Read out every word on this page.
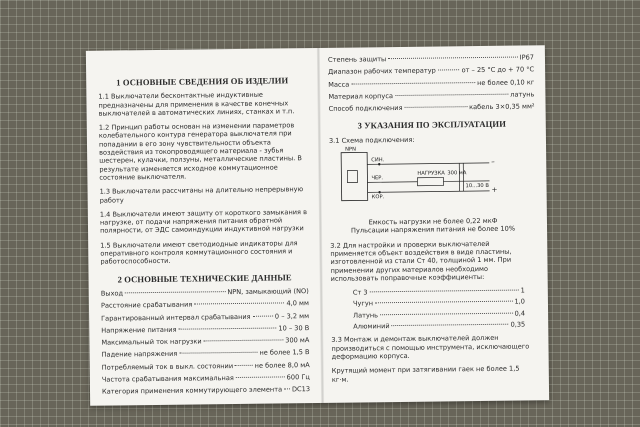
1 ОСНОВНЫЕ СВЕДЕНИЯ ОБ ИЗДЕЛИИ

1.1 Выключатели бесконтактные индуктивные предназначены для применения в качестве конечных выключателей в автоматических линиях, станках и т.п.

1.2 Принцип работы основан на изменении параметров колебательного контура генератора выключателя при попадании в его зону чувствительности объекта воздействия из токопроводящего материала - зубья шестерен, кулачки, ползуны, металлические пластины. В результате изменяется исходное коммутационное состояние выключателя.

1.3 Выключатели рассчитаны на длительно непрерывную работу

1.4 Выключатели имеют защиту от короткого замыкания в нагрузке, от подачи напряжения питания обратной полярности, от ЭДС самоиндукции индуктивной нагрузки

1.5 Выключатели имеют светодиодные индикаторы для оперативного контроля коммутационного состояния и работоспособности.

2 ОСНОВНЫЕ ТЕХНИЧЕСКИЕ ДАННЫЕ
Выход	NPN, замыкающий (NO)
Расстояние срабатывания	4,0 мм
Гарантированный интервал срабатывания	0 – 3,2 мм
Напряжение питания	10 – 30 В
Максимальный ток нагрузки	300 мА
Падение напряжения	не более 1,5 В
Потребляемый ток в выкл. состоянии	не более 8,0 мА
Частота срабатывания максимальная	600 Гц
Категория применения коммутирующего элемента DC13
Степень защиты	IP67
Диапазон рабочих температур	от – 25 °С до + 70 °С
Масса	не более 0,10 кг
Материал корпуса	латунь
Способ подключения	кабель 3×0,35 мм²
3 УКАЗАНИЯ ПО ЭКСПЛУАТАЦИИ

3.1 Схема подключения:

NPN
СИН.
ЧЕР.
КОР.
НАГРУЗКА 300 мА
10...30 В
–
+

Емкость нагрузки не более 0,22 мкФ

Пульсации напряжения питания не более 10%

3.2 Для настройки и проверки выключателей применяется объект воздействия в виде пластины, изготовленной из стали Ст 40, толщиной 1 мм. При применении других материалов необходимо использовать поправочные коэффициенты:

Ст 3	1
Чугун	1,0
Латунь	0,4
Алюминий	0,35

3.3 Монтаж и демонтаж выключателей должен производиться с помощью инструмента, исключающего деформацию корпуса.

Крутящий момент при затягивании гаек не более 1,5 кг·м.
